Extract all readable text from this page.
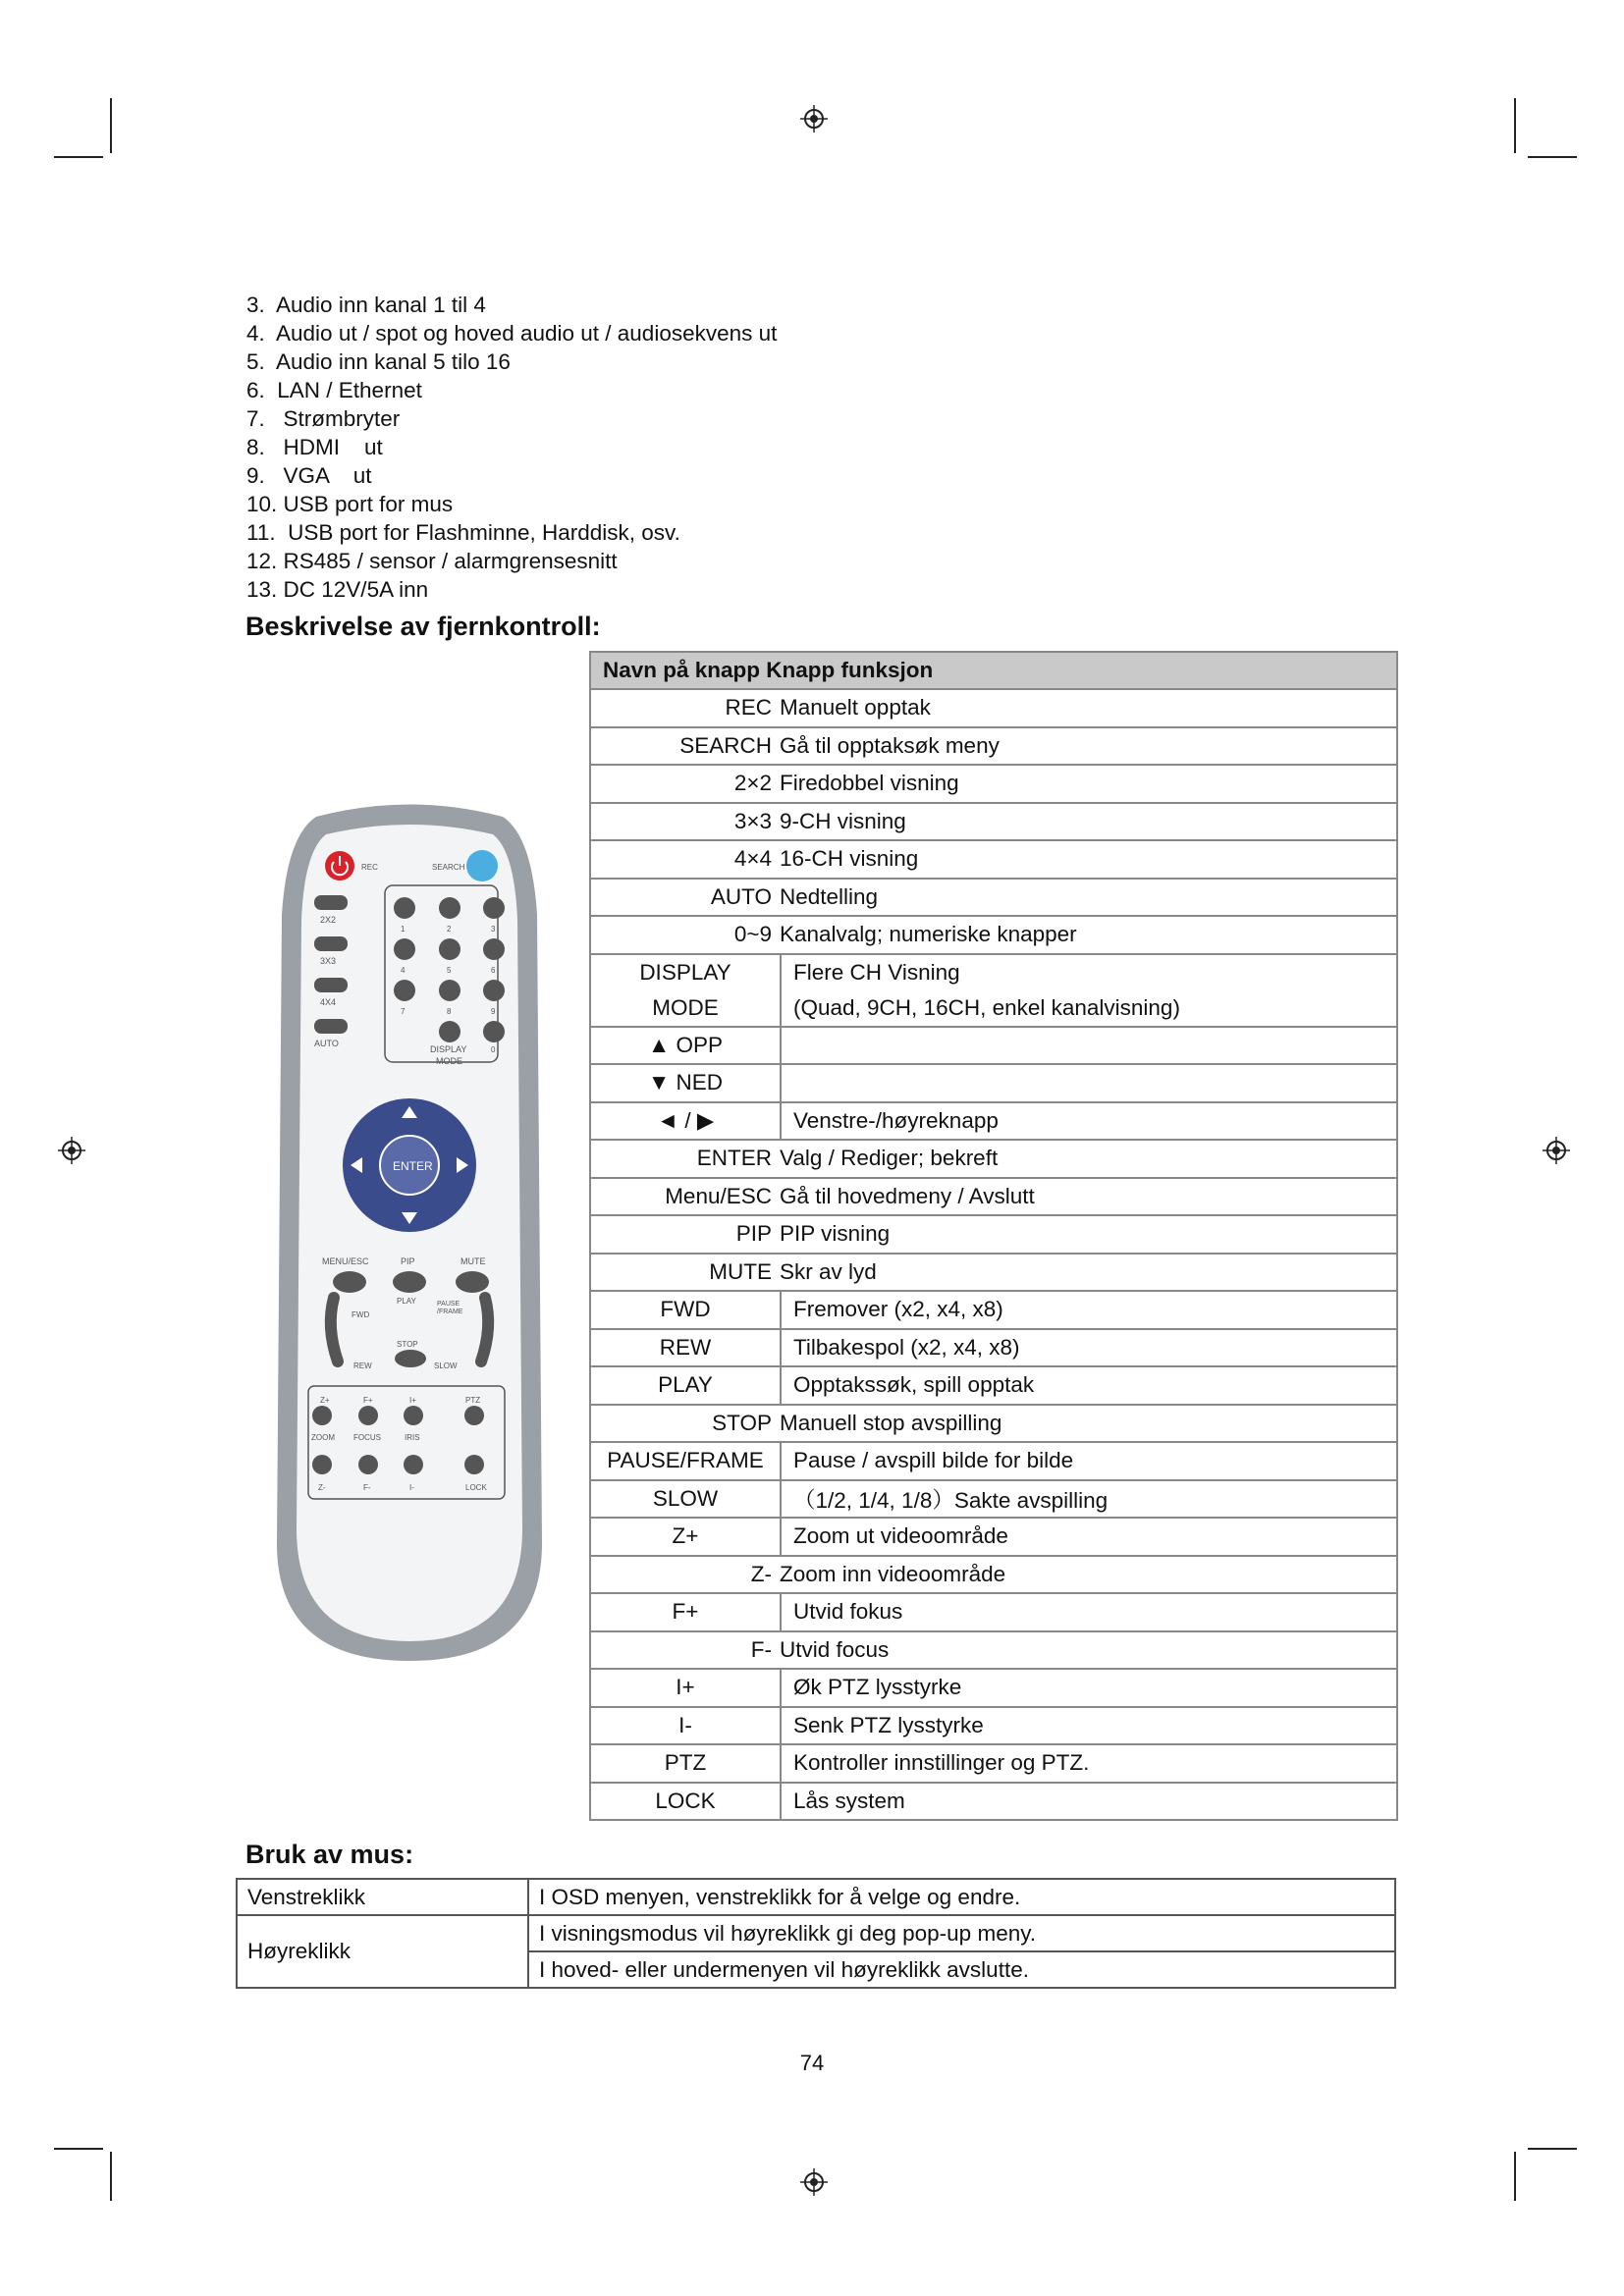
3.  Audio inn kanal 1 til 4
4.  Audio ut / spot og hoved audio ut / audiosekvens ut
5.  Audio inn kanal 5 tilo 16
6.  LAN / Ethernet
7.   Strømbryter
8.   HDMI    ut
9.   VGA    ut
10. USB port for mus
11.  USB port for Flashminne, Harddisk, osv.
12. RS485 / sensor / alarmgrensesnitt
13. DC 12V/5A inn
Beskrivelse av fjernkontroll:
REC	SEARCH
2X2
3X3
4X4
AUTO
1	2	3
4	5	6
7	8	9
DISPLAY
MODE
0
ENTER
MENU/ESC	PIP	MUTE
FWD
PLAY	PAUSE
/FRAME
STOP
REW	SLOW
Z+	F+	I+	PTZ
ZOOM FOCUS	IRIS
Z-	F-	I-	LOCK
Navn på knapp Knapp funksjon	

REC Manuelt opptak	

SEARCH Gå til opptaksøk meny	

2×2 Firedobbel visning	

3×3 9-CH visning	

4×4 16-CH visning	

AUTO Nedtelling	

0~9 Kanalvalg; numeriske knapper	

DISPLAY
MODE	Flere CH Visning
(Quad, 9CH, 16CH, enkel kanalvisning)
▲ OPP	
▼ NED	
◄ / ▶	Venstre-/høyreknapp

ENTER Valg / Rediger; bekreft	

Menu/ESC Gå til hovedmeny / Avslutt	

PIP PIP visning	

MUTE Skr av lyd	

FWD	Fremover (x2, x4, x8)
REW	Tilbakespol (x2, x4, x8)
PLAY	Opptakssøk, spill opptak

STOP Manuell stop avspilling	

PAUSE/FRAME	Pause / avspill bilde for bilde
SLOW	（1/2, 1/4, 1/8）Sakte avspilling
Z+	Zoom ut videoområde

Z- Zoom inn videoområde	

F+	Utvid fokus

F- Utvid focus	

I+	Øk PTZ lysstyrke
I-	Senk PTZ lysstyrke
PTZ	Kontroller innstillinger og PTZ.
LOCK	Lås system
Bruk av mus:
Venstreklikk	I OSD menyen, venstreklikk for å velge og endre.
Høyreklikk	I visningsmodus vil høyreklikk gi deg pop-up meny.
	I hoved- eller undermenyen vil høyreklikk avslutte.
74
